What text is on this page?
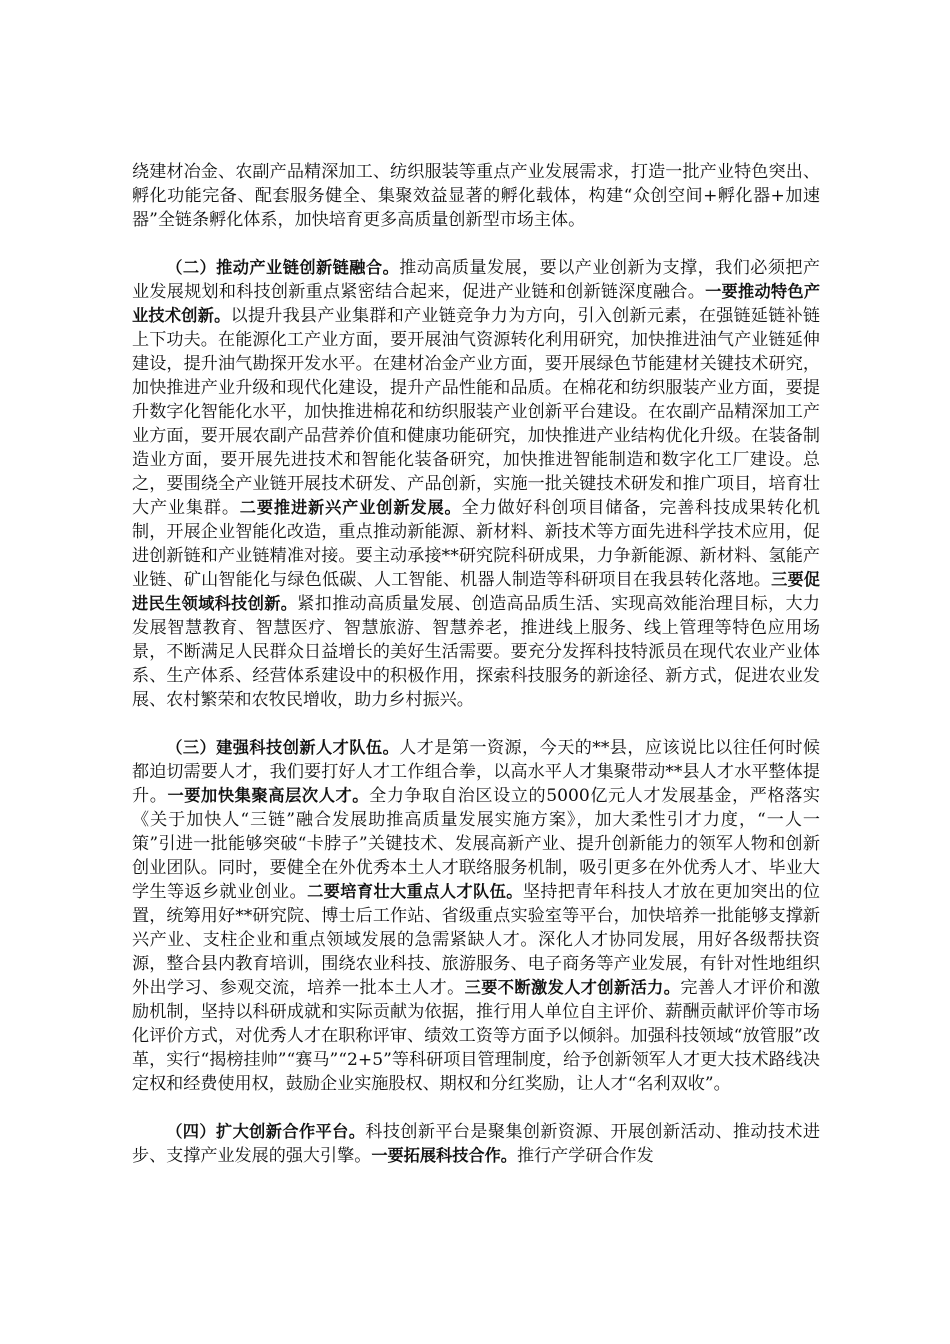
绕建材冶金、农副产品精深加工、纺织服装等重点产业发展需求，打造一批产业特色突出、孵化功能完备、配套服务健全、集聚效益显著的孵化载体，构建“众创空间+孵化器+加速器”全链条孵化体系，加快培育更多高质量创新型市场主体。

（二）推动产业链创新链融合。推动高质量发展，要以产业创新为支撑，我们必须把产业发展规划和科技创新重点紧密结合起来，促进产业链和创新链深度融合。一要推动特色产业技术创新。以提升我县产业集群和产业链竞争力为方向，引入创新元素，在强链延链补链上下功夫。在能源化工产业方面，要开展油气资源转化利用研究，加快推进油气产业链延伸建设，提升油气勘探开发水平。在建材冶金产业方面，要开展绿色节能建材关键技术研究，加快推进产业升级和现代化建设，提升产品性能和品质。在棉花和纺织服装产业方面，要提升数字化智能化水平，加快推进棉花和纺织服装产业创新平台建设。在农副产品精深加工产业方面，要开展农副产品营养价值和健康功能研究，加快推进产业结构优化升级。在装备制造业方面，要开展先进技术和智能化装备研究，加快推进智能制造和数字化工厂建设。总之，要围绕全产业链开展技术研发、产品创新，实施一批关键技术研发和推广项目，培育壮大产业集群。二要推进新兴产业创新发展。全力做好科创项目储备，完善科技成果转化机制，开展企业智能化改造，重点推动新能源、新材料、新技术等方面先进科学技术应用，促进创新链和产业链精准对接。要主动承接**研究院科研成果，力争新能源、新材料、氢能产业链、矿山智能化与绿色低碳、人工智能、机器人制造等科研项目在我县转化落地。三要促进民生领域科技创新。紧扣推动高质量发展、创造高品质生活、实现高效能治理目标，大力发展智慧教育、智慧医疗、智慧旅游、智慧养老，推进线上服务、线上管理等特色应用场景，不断满足人民群众日益增长的美好生活需要。要充分发挥科技特派员在现代农业产业体系、生产体系、经营体系建设中的积极作用，探索科技服务的新途径、新方式，促进农业发展、农村繁荣和农牧民增收，助力乡村振兴。

（三）建强科技创新人才队伍。人才是第一资源，今天的**县，应该说比以往任何时候都迫切需要人才，我们要打好人才工作组合拳，以高水平人才集聚带动**县人才水平整体提升。一要加快集聚高层次人才。全力争取自治区设立的5000亿元人才发展基金，严格落实《关于加快人“三链”融合发展助推高质量发展实施方案》，加大柔性引才力度，“一人一策”引进一批能够突破“卡脖子”关键技术、发展高新产业、提升创新能力的领军人物和创新创业团队。同时，要健全在外优秀本土人才联络服务机制，吸引更多在外优秀人才、毕业大学生等返乡就业创业。二要培育壮大重点人才队伍。坚持把青年科技人才放在更加突出的位置，统筹用好**研究院、博士后工作站、省级重点实验室等平台，加快培养一批能够支撑新兴产业、支柱企业和重点领域发展的急需紧缺人才。深化人才协同发展，用好各级帮扶资源，整合县内教育培训，围绕农业科技、旅游服务、电子商务等产业发展，有针对性地组织外出学习、参观交流，培养一批本土人才。三要不断激发人才创新活力。完善人才评价和激励机制，坚持以科研成就和实际贡献为依据，推行用人单位自主评价、薪酬贡献评价等市场化评价方式，对优秀人才在职称评审、绩效工资等方面予以倾斜。加强科技领域“放管服”改革，实行“揭榜挂帅”“赛马”“2+5”等科研项目管理制度，给予创新领军人才更大技术路线决定权和经费使用权，鼓励企业实施股权、期权和分红奖励，让人才“名利双收”。

（四）扩大创新合作平台。科技创新平台是聚集创新资源、开展创新活动、推动技术进步、支撑产业发展的强大引擎。一要拓展科技合作。推行产学研合作发
